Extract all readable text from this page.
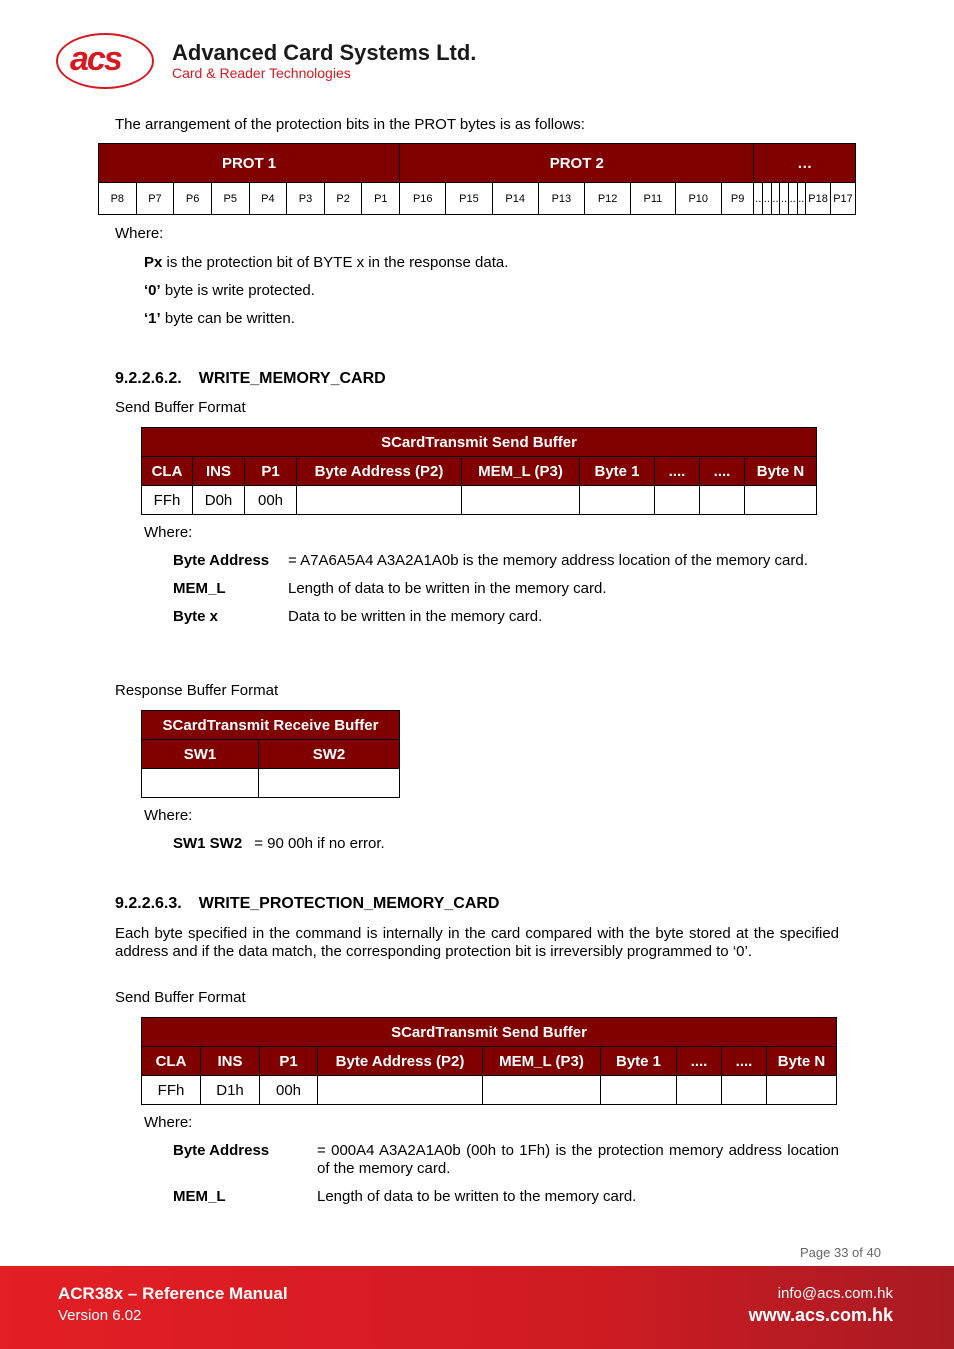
acs Advanced Card Systems Ltd.
Card & Reader Technologies

The arrangement of the protection bits in the PROT bytes is as follows:

PROT 1								PROT 2								…							
P8	P7	P6	P5	P4	P3	P2	P1	P16	P15	P14	P13	P12	P11	P10	P9	..	..	..	..	..	..	P18	P17

Where:

Px is the protection bit of BYTE x in the response data.

‘0’ byte is write protected.

‘1’ byte can be written.

9.2.2.6.2. WRITE_MEMORY_CARD

Send Buffer Format

SCardTransmit Send Buffer								
CLA	INS	P1	Byte Address (P2)	MEM_L (P3)	Byte 1	....	....	Byte N
FFh	D0h	00h						

Where:

Byte Address	= A7A6A5A4 A3A2A1A0b is the memory address location of the memory card.
MEM_L	Length of data to be written in the memory card.
Byte x	Data to be written in the memory card.

Response Buffer Format

SCardTransmit Receive Buffer	
SW1	SW2

Where:

SW1 SW2 = 90 00h if no error.

9.2.2.6.3. WRITE_PROTECTION_MEMORY_CARD

Each byte specified in the command is internally in the card compared with the byte stored at the specified address and if the data match, the corresponding protection bit is irreversibly programmed to ‘0’.

Send Buffer Format

SCardTransmit Send Buffer								
CLA	INS	P1	Byte Address (P2)	MEM_L (P3)	Byte 1	....	....	Byte N
FFh	D1h	00h						

Where:

Byte Address	= 000A4 A3A2A1A0b (00h to 1Fh) is the protection memory address location of the memory card.
MEM_L	Length of data to be written to the memory card.
Page 33 of 40
ACR38x – Reference Manual
Version 6.02
info@acs.com.hk
www.acs.com.hk
